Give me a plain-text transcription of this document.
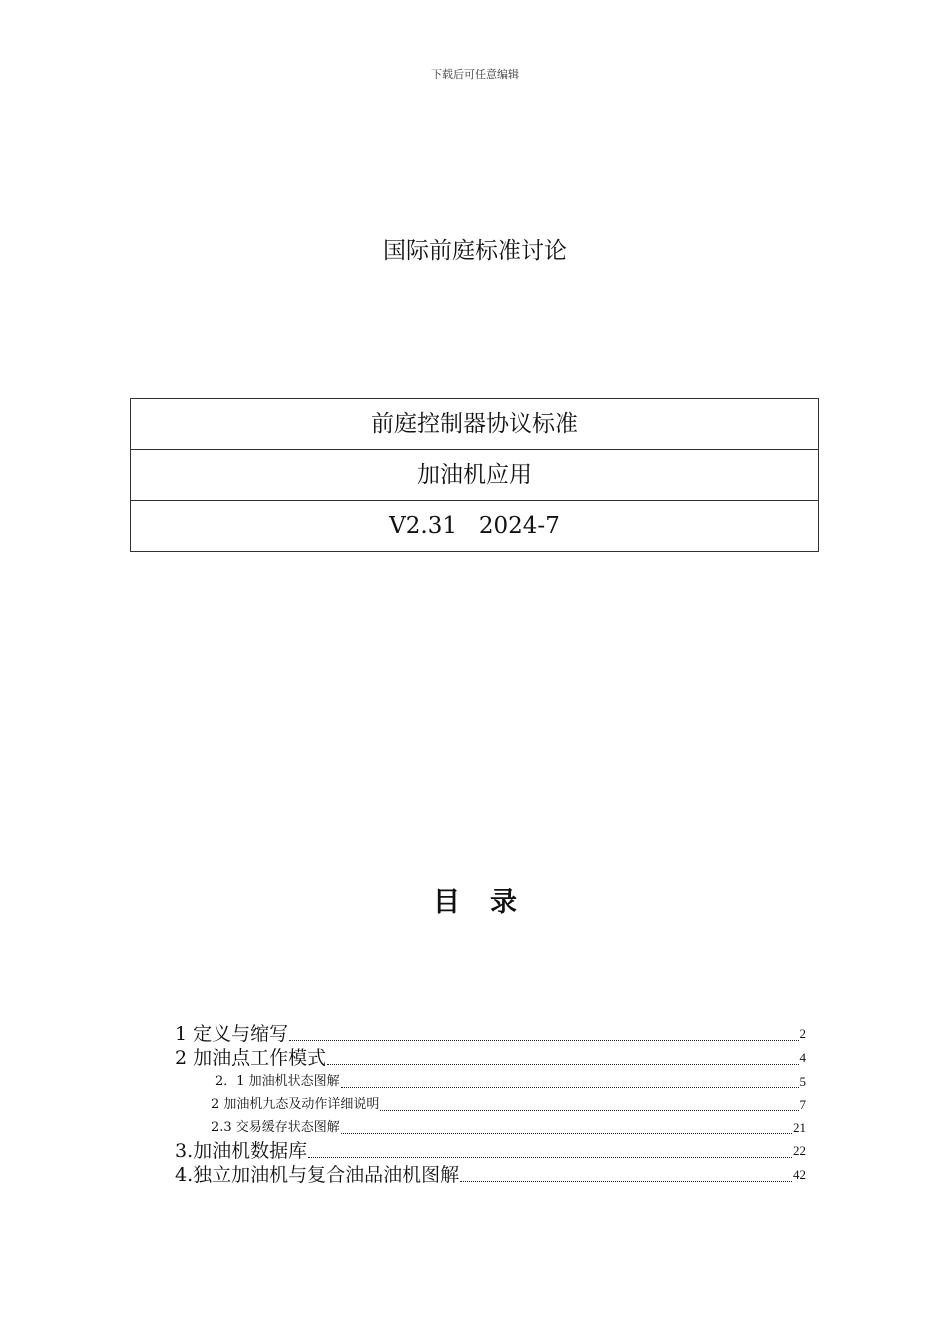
下载后可任意编辑
国际前庭标准讨论
前庭控制器协议标准
加油机应用
V2.31   2024-7
目 录
1 定义与缩写	2
2 加油点工作模式	4
2．1 加油机状态图解	5
2 加油机九态及动作详细说明	7
2.3 交易缓存状态图解	21
3.加油机数据库	22
4.独立加油机与复合油品油机图解	42
